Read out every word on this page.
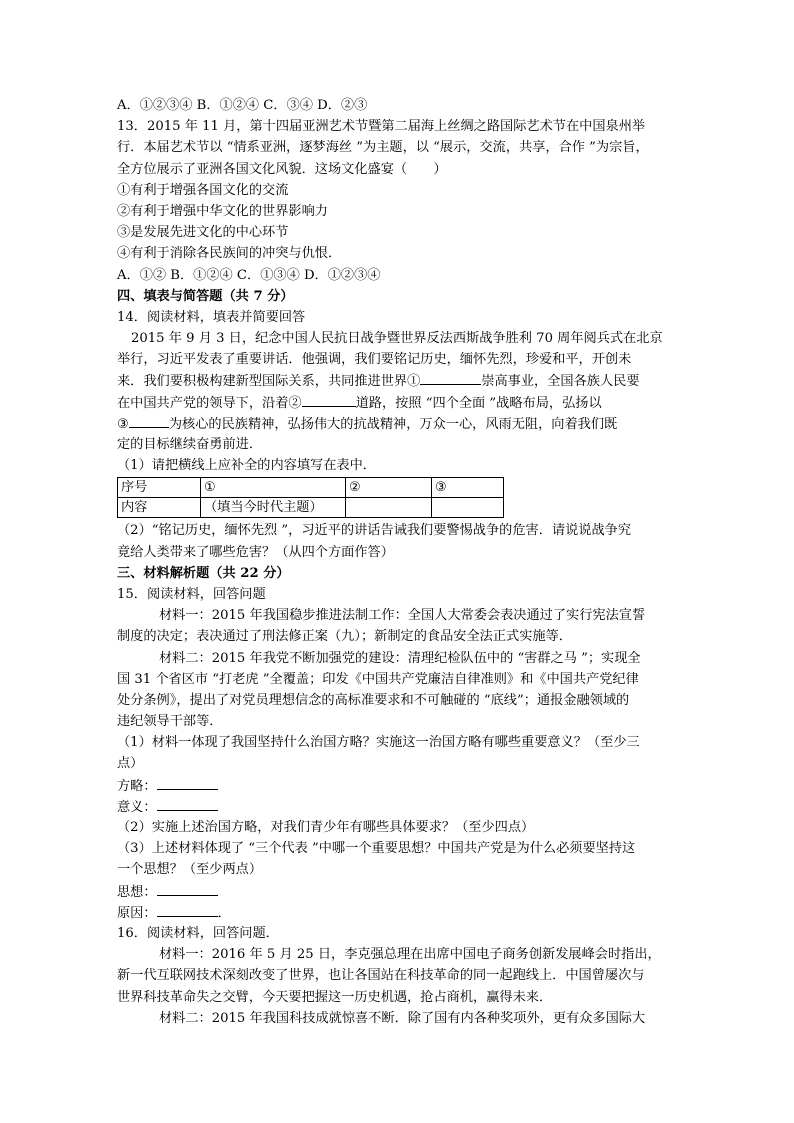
A．①②③④ B．①②④ C．③④ D．②③
13．2015 年 11 月，第十四届亚洲艺术节暨第二届海上丝绸之路国际艺术节在中国泉州举
行．本届艺术节以 “情系亚洲，逐梦海丝 ”为主题，以 “展示，交流，共享，合作 ”为宗旨，
全方位展示了亚洲各国文化风貌．这场文化盛宴（　　）
①有利于增强各国文化的交流
②有利于增强中华文化的世界影响力
③是发展先进文化的中心环节
④有利于消除各民族间的冲突与仇恨．
A．①② B．①②④ C．①③④ D．①②③④
四、填表与简答题（共 7 分）
14．阅读材料，填表并简要回答
2015 年 9 月 3 日，纪念中国人民抗日战争暨世界反法西斯战争胜利 70 周年阅兵式在北京
举行，习近平发表了重要讲话．他强调，我们要铭记历史，缅怀先烈，珍爱和平，开创未
来．我们要积极构建新型国际关系，共同推进世界①	崇高事业，全国各族人民要
在中国共产党的领导下，沿着②	道路，按照 “四个全面 ”战略布局，弘扬以
③	为核心的民族精神，弘扬伟大的抗战精神，万众一心，风雨无阻，向着我们既
定的目标继续奋勇前进．
（1）请把横线上应补全的内容填写在表中．
序号	①	②	③
内容	（填当今时代主题）		
（2）“铭记历史，缅怀先烈 ”，习近平的讲话告诫我们要警惕战争的危害．请说说战争究
竟给人类带来了哪些危害？（从四个方面作答）
三、材料解析题（共 22 分）
15．阅读材料，回答问题
材料一：2015 年我国稳步推进法制工作：全国人大常委会表决通过了实行宪法宣誓
制度的决定；表决通过了刑法修正案（九）；新制定的食品安全法正式实施等．
材料二：2015 年我党不断加强党的建设：清理纪检队伍中的 “害群之马 ”；实现全
国 31 个省区市 “打老虎 ”全覆盖；印发《中国共产党廉洁自律准则》和《中国共产党纪律
处分条例》，提出了对党员理想信念的高标准要求和不可触碰的 “底线”；通报金融领域的
违纪领导干部等．
（1）材料一体现了我国坚持什么治国方略？实施这一治国方略有哪些重要意义？（至少三
点）
方略：
意义：
（2）实施上述治国方略，对我们青少年有哪些具体要求？（至少四点）
（3）上述材料体现了 “三个代表 ”中哪一个重要思想？中国共产党是为什么必须要坚持这
一个思想？（至少两点）
思想：
原因：	．
16．阅读材料，回答问题．
材料一：2016 年 5 月 25 日，李克强总理在出席中国电子商务创新发展峰会时指出，
新一代互联网技术深刻改变了世界，也让各国站在科技革命的同一起跑线上．中国曾屡次与
世界科技革命失之交臂，今天要把握这一历史机遇，抢占商机，赢得未来．
材料二：2015 年我国科技成就惊喜不断．除了国有内各种奖项外，更有众多国际大
